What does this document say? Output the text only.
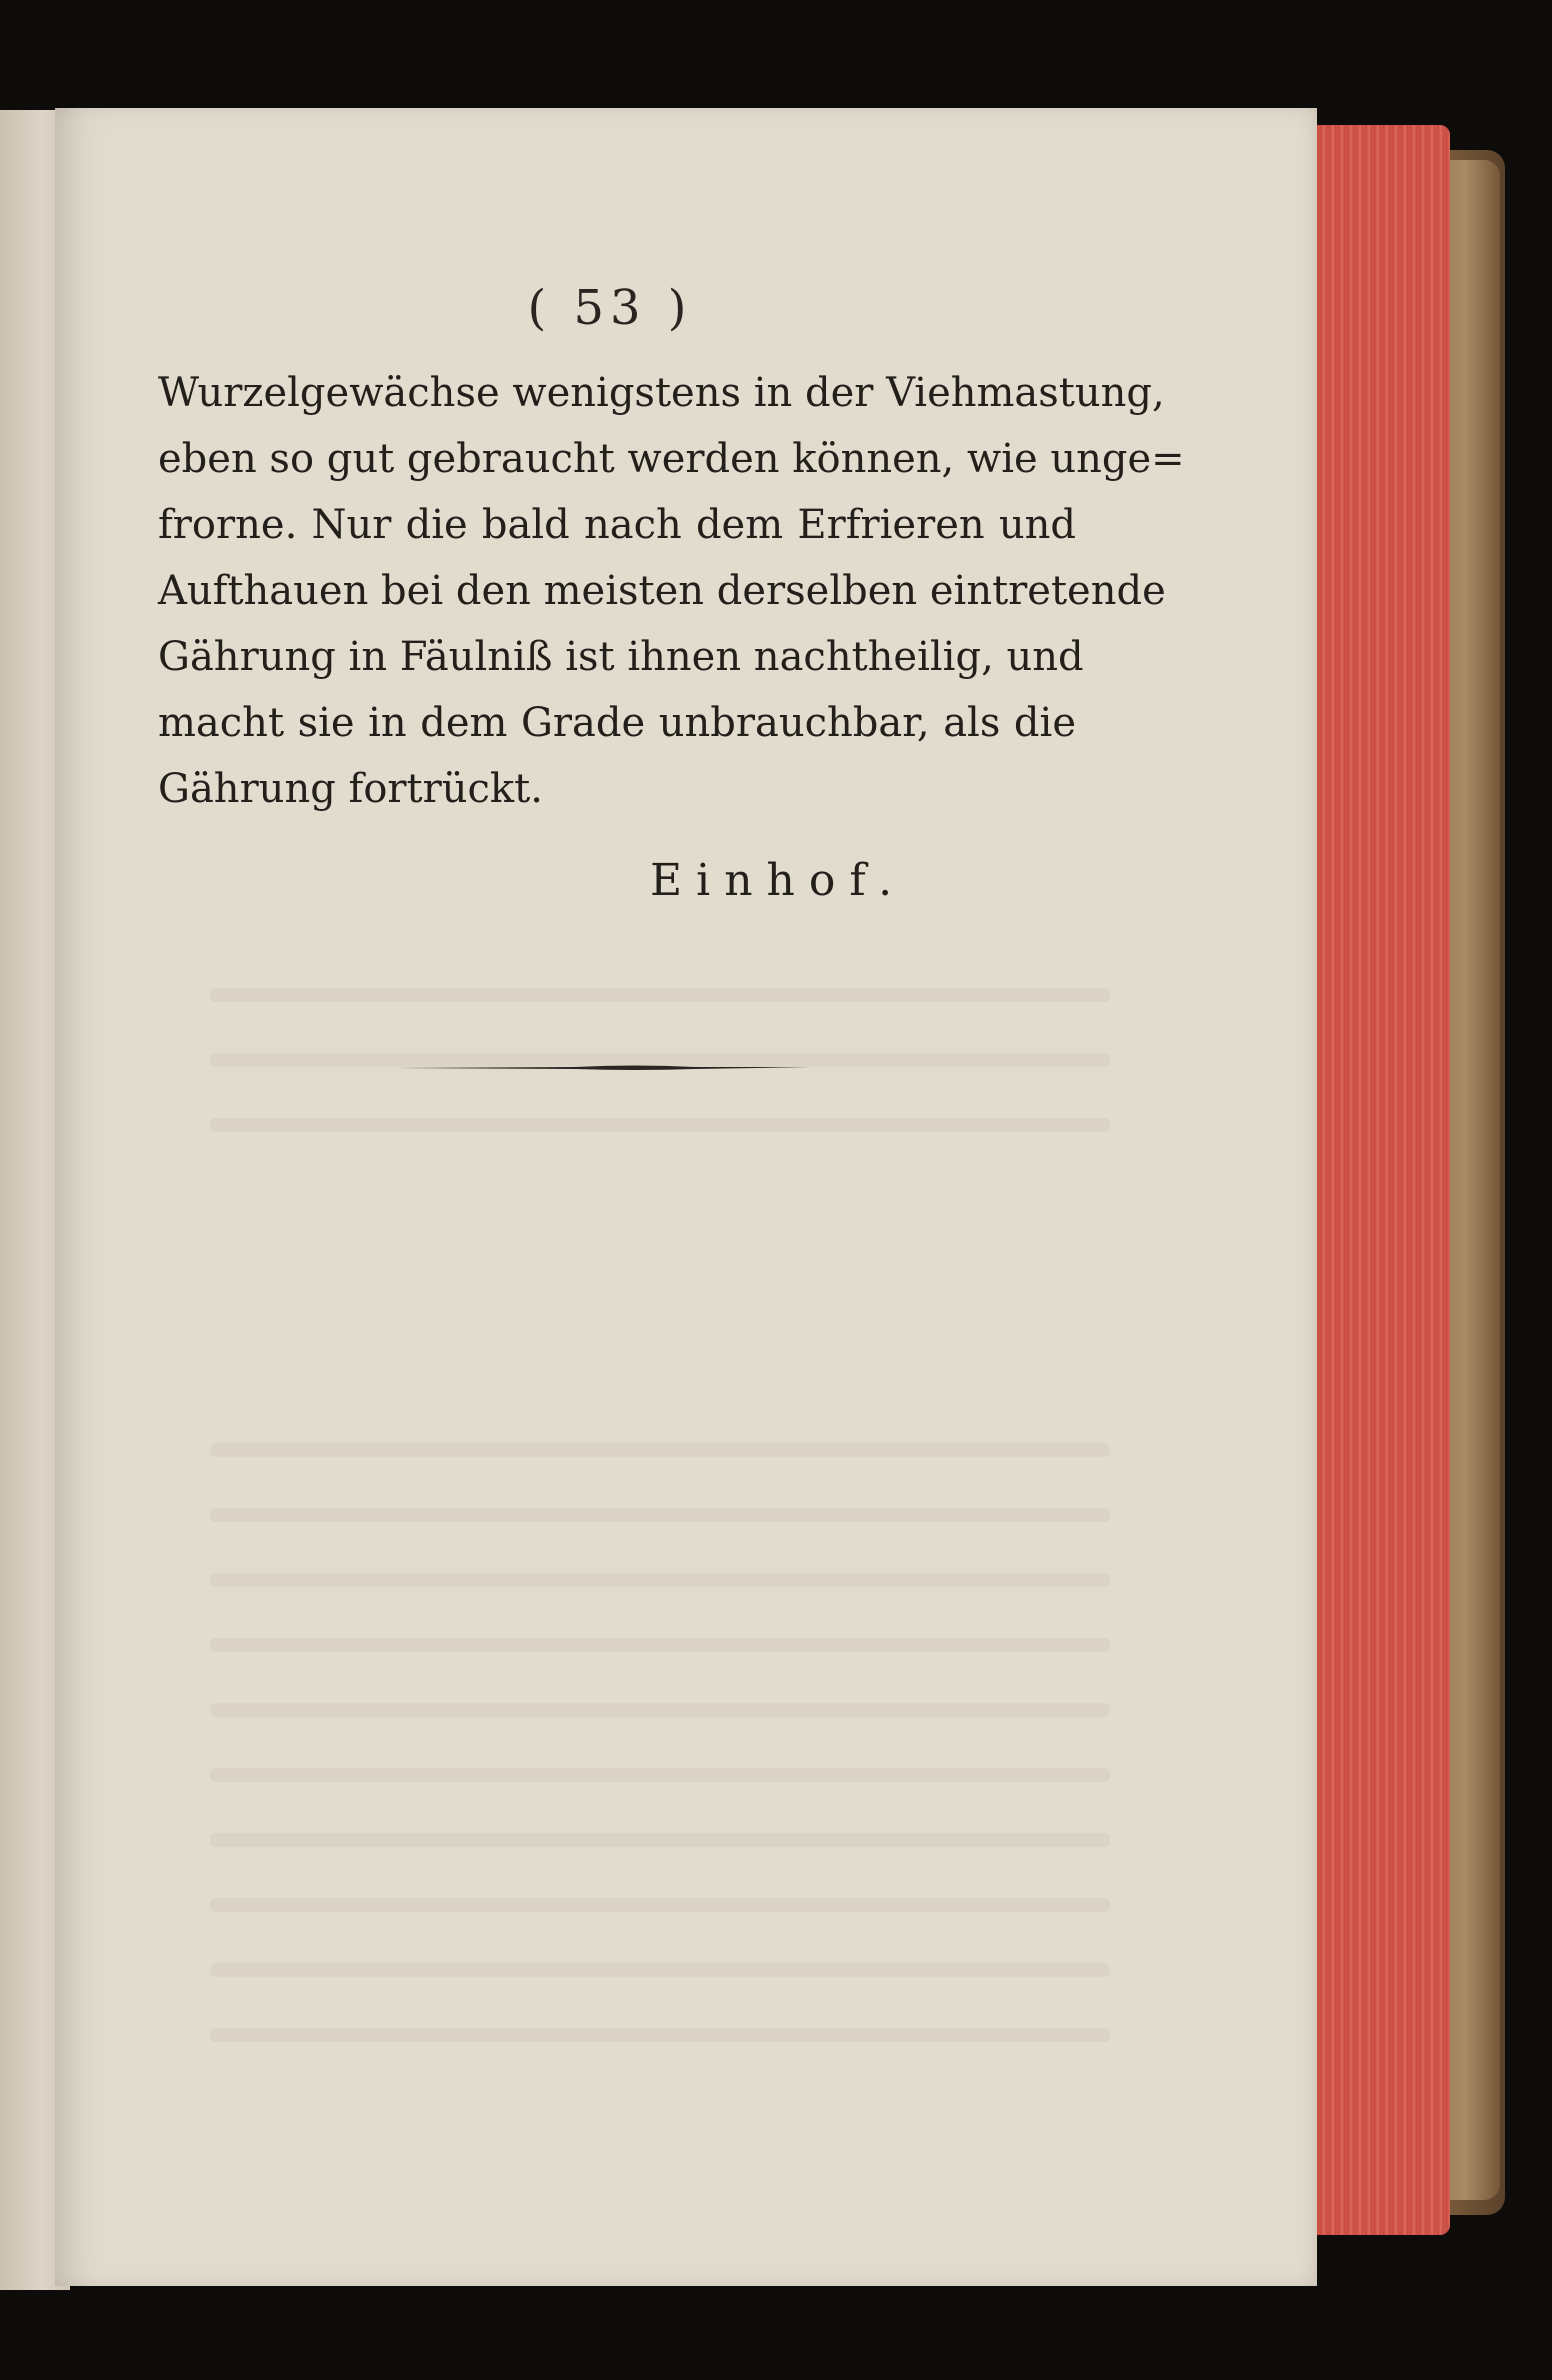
( 53 )
Wurzelgewächse wenigstens in der Viehmastung,
eben so gut gebraucht werden können, wie unge=
frorne. Nur die bald nach dem Erfrieren und
Aufthauen bei den meisten derselben eintretende
Gährung in Fäulniß ist ihnen nachtheilig, und
macht sie in dem Grade unbrauchbar, als die
Gährung fortrückt.
Einhof.
